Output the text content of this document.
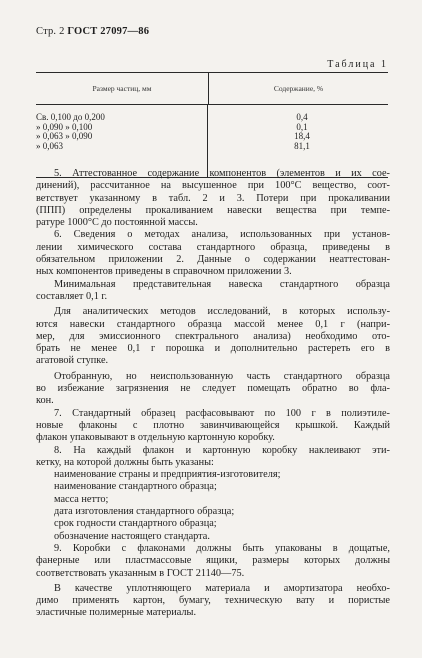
Стр. 2 ГОСТ 27097—86
Таблица 1
Размер частиц, мм	Содержание, %
Св. 0,100 до 0,200
» 0,090 » 0,100
» 0,063 » 0,090
» 0,063
0,4
0,1
18,4
81,1
5. Аттестованное содержание компонентов (элементов и их сое-
динений), рассчитанное на высушенное при 100°С вещество, соот-
ветствует указанному в табл. 2 и 3. Потери при прокаливании
(ППП) определены прокаливанием навески вещества при темпе-
ратуре 1000°С до постоянной массы.
6. Сведения о методах анализа, использованных при установ-
лении химического состава стандартного образца, приведены в
обязательном приложении 2. Данные о содержании неаттестован-
ных компонентов приведены в справочном приложении 3.
Минимальная представительная навеска стандартного образца
составляет 0,1 г.
Для аналитических методов исследований, в которых использу-
ются навески стандартного образца массой менее 0,1 г (напри-
мер, для эмиссионного спектрального анализа) необходимо ото-
брать не менее 0,1 г порошка и дополнительно растереть его в
агатовой ступке.
Отобранную, но неиспользованную часть стандартного образца
во избежание загрязнения не следует помещать обратно во фла-
кон.
7. Стандартный образец расфасовывают по 100 г в полиэтиле-
новые флаконы с плотно завинчивающейся крышкой. Каждый
флакон упаковывают в отдельную картонную коробку.
8. На каждый флакон и картонную коробку наклеивают эти-
кетку, на которой должны быть указаны:
наименование страны и предприятия-изготовителя;
наименование стандартного образца;
масса нетто;
дата изготовления стандартного образца;
срок годности стандартного образца;
обозначение настоящего стандарта.
9. Коробки с флаконами должны быть упакованы в дощатые,
фанерные или пластмассовые ящики, размеры которых должны
соответствовать указанным в ГОСТ 21140—75.
В качестве уплотняющего материала и амортизатора необхо-
димо применять картон, бумагу, техническую вату и пористые
эластичные полимерные материалы.
